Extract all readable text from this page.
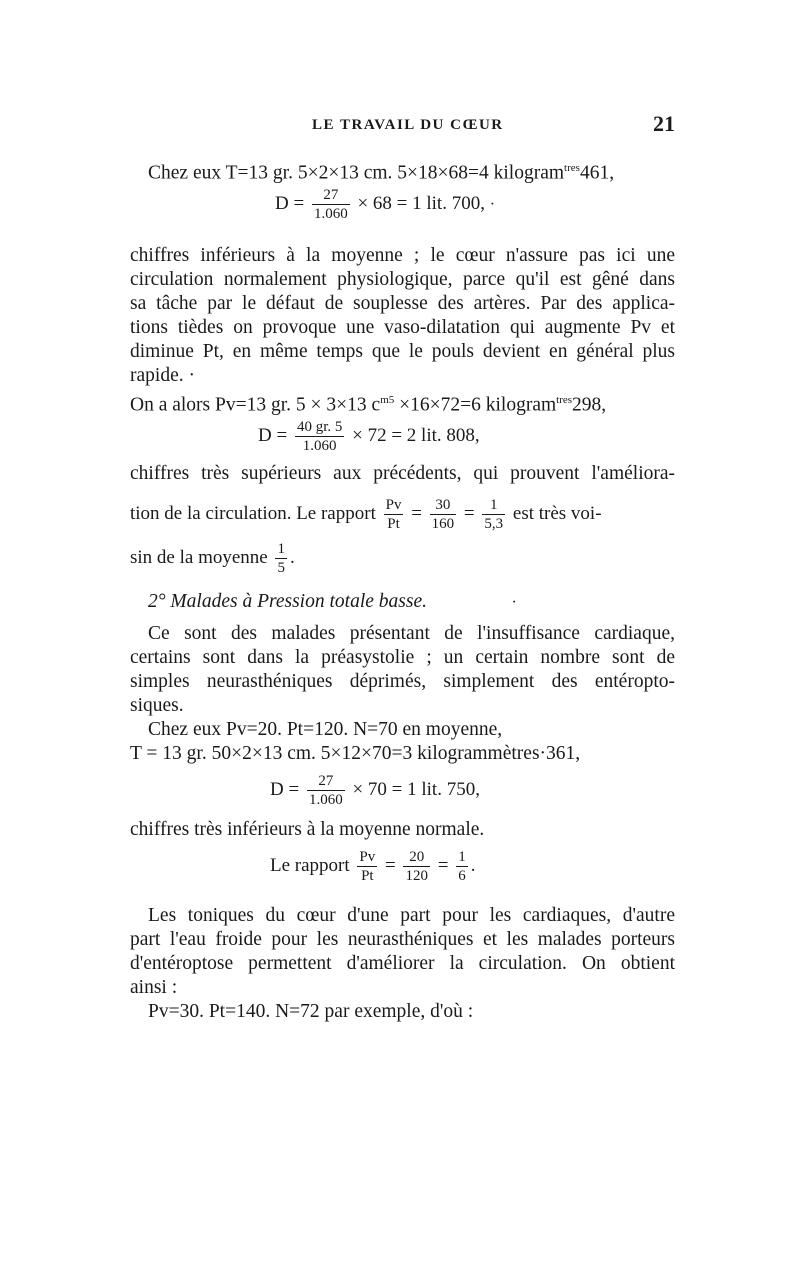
LE TRAVAIL DU CŒUR	21
Chez eux T=13 gr. 5×2×13 cm. 5×18×68=4 kilogram$^{tres}$461,
$D = \frac{27}{1.060} \times 68 = 1$ lit. 700, ·
chiffres inférieurs à la moyenne ; le cœur n'assure pas ici une
circulation normalement physiologique, parce qu'il est gêné dans
sa tâche par le défaut de souplesse des artères. Par des applica-
tions tièdes on provoque une vaso-dilatation qui augmente Pv et
diminue Pt, en même temps que le pouls devient en général plus
rapide. ·
On a alors Pv=13 gr. 5 × 3×13 $c^{m5} \times 16\times 72=6$ kilogram$^{tres}$298,
$D = \frac{40 gr. 5}{1.060} \times 72 = 2$ lit. 808,
chiffres très supérieurs aux précédents, qui prouvent l'améliora-
tion de la circulation. Le rapport $\frac{Pv}{Pt} = \frac{30}{160} = \frac{1}{5,3}$ est très voi-
sin de la moyenne $\frac{1}{5}$ .
2° Malades à Pression totale basse.	·
Ce sont des malades présentant de l'insuffisance cardiaque,
certains sont dans la préasystolie ; un certain nombre sont de
simples neurasthéniques déprimés, simplement des entéropto-
siques.
Chez eux Pv=20. Pt=120. N=70 en moyenne,
T = 13 gr. 50×2×13 cm. 5×12×70=3 kilogrammètres·361,
$D = \frac{27}{1.060} \times 70 = 1$ lit. 750,
chiffres très inférieurs à la moyenne normale.
Le rapport $\frac{Pv}{Pt} = \frac{20}{120} = \frac{1}{6}$ .
Les toniques du cœur d'une part pour les cardiaques, d'autre
part l'eau froide pour les neurasthéniques et les malades porteurs
d'entéroptose permettent d'améliorer la circulation. On obtient
ainsi :
Pv=30. Pt=140. N=72 par exemple, d'où :
